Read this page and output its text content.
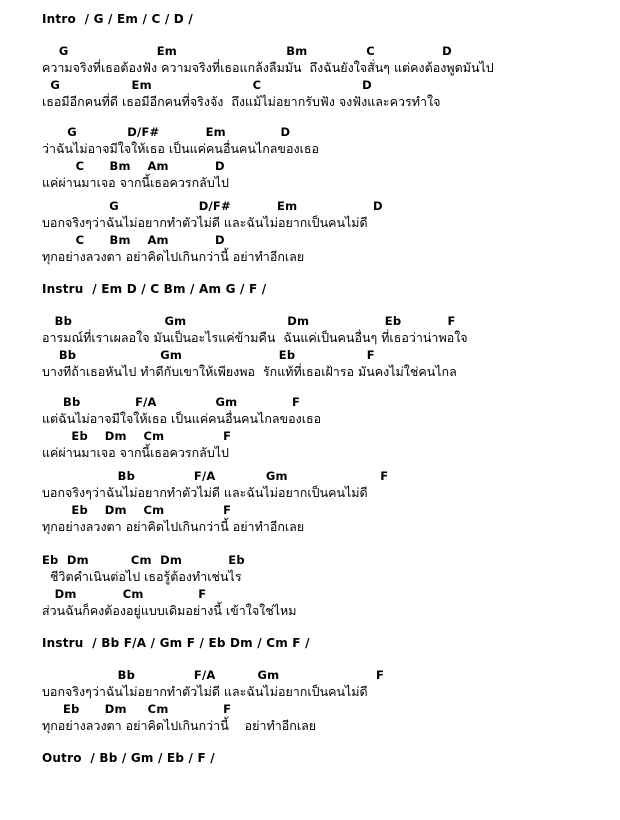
Intro  / G / Em / C / D /
G                     Em                          Bm              C                D
ความจริงที่เธอต้องฟัง ความจริงที่เธอแกล้งลืมมัน  ถึงฉันยังใจสั่นๆ แต่คงต้องพูดมันไป
G                 Em                        C                        D
เธอมีอีกคนที่ดี เธอมีอีกคนที่จริงจัง  ถึงแม้ไม่อยากรับฟัง จงฟังและควรทำใจ
G            D/F#           Em             D
ว่าฉันไม่อาจมีใจให้เธอ เป็นแค่คนอื่นคนไกลของเธอ
C      Bm    Am           D
แค่ผ่านมาเจอ จากนี้เธอควรกลับไป
G                   D/F#           Em                  D
บอกจริงๆว่าฉันไม่อยากทำตัวไม่ดี และฉันไม่อยากเป็นคนไม่ดี
C      Bm    Am           D
ทุกอย่างลวงตา อย่าคิดไปเกินกว่านี้ อย่าทำอีกเลย
Instru  / Em D / C Bm / Am G / F /
Bb                      Gm                        Dm                  Eb           F
อารมณ์ที่เราเผลอใจ มันเป็นอะไรแค่ข้ามคืน  ฉันแค่เป็นคนอื่นๆ ที่เธอว่าน่าพอใจ
Bb                    Gm                       Eb                 F
บางทีถ้าเธอหันไป ทำดีกับเขาให้เพียงพอ  รักแท้ที่เธอเฝ้ารอ มันคงไม่ใช่คนไกล
Bb             F/A              Gm             F
แต่ฉันไม่อาจมีใจให้เธอ เป็นแค่คนอื่นคนไกลของเธอ
Eb    Dm    Cm              F
แค่ผ่านมาเจอ จากนี้เธอควรกลับไป
Bb              F/A            Gm                      F
บอกจริงๆว่าฉันไม่อยากทำตัวไม่ดี และฉันไม่อยากเป็นคนไม่ดี
Eb    Dm    Cm              F
ทุกอย่างลวงตา อย่าคิดไปเกินกว่านี้ อย่าทำอีกเลย
Eb  Dm          Cm  Dm           Eb
ชีวิตคำเนินต่อไป เธอรู้ต้องทำเช่นไร
Dm           Cm             F
ส่วนฉันก็คงต้องอยู่แบบเดิมอย่างนี้ เข้าใจใช่ไหม
Instru  / Bb F/A / Gm F / Eb Dm / Cm F /
Bb              F/A          Gm                       F
บอกจริงๆว่าฉันไม่อยากทำตัวไม่ดี และฉันไม่อยากเป็นคนไม่ดี
Eb      Dm     Cm             F
ทุกอย่างลวงตา อย่าคิดไปเกินกว่านี้    อย่าทำอีกเลย
Outro  / Bb / Gm / Eb / F /
